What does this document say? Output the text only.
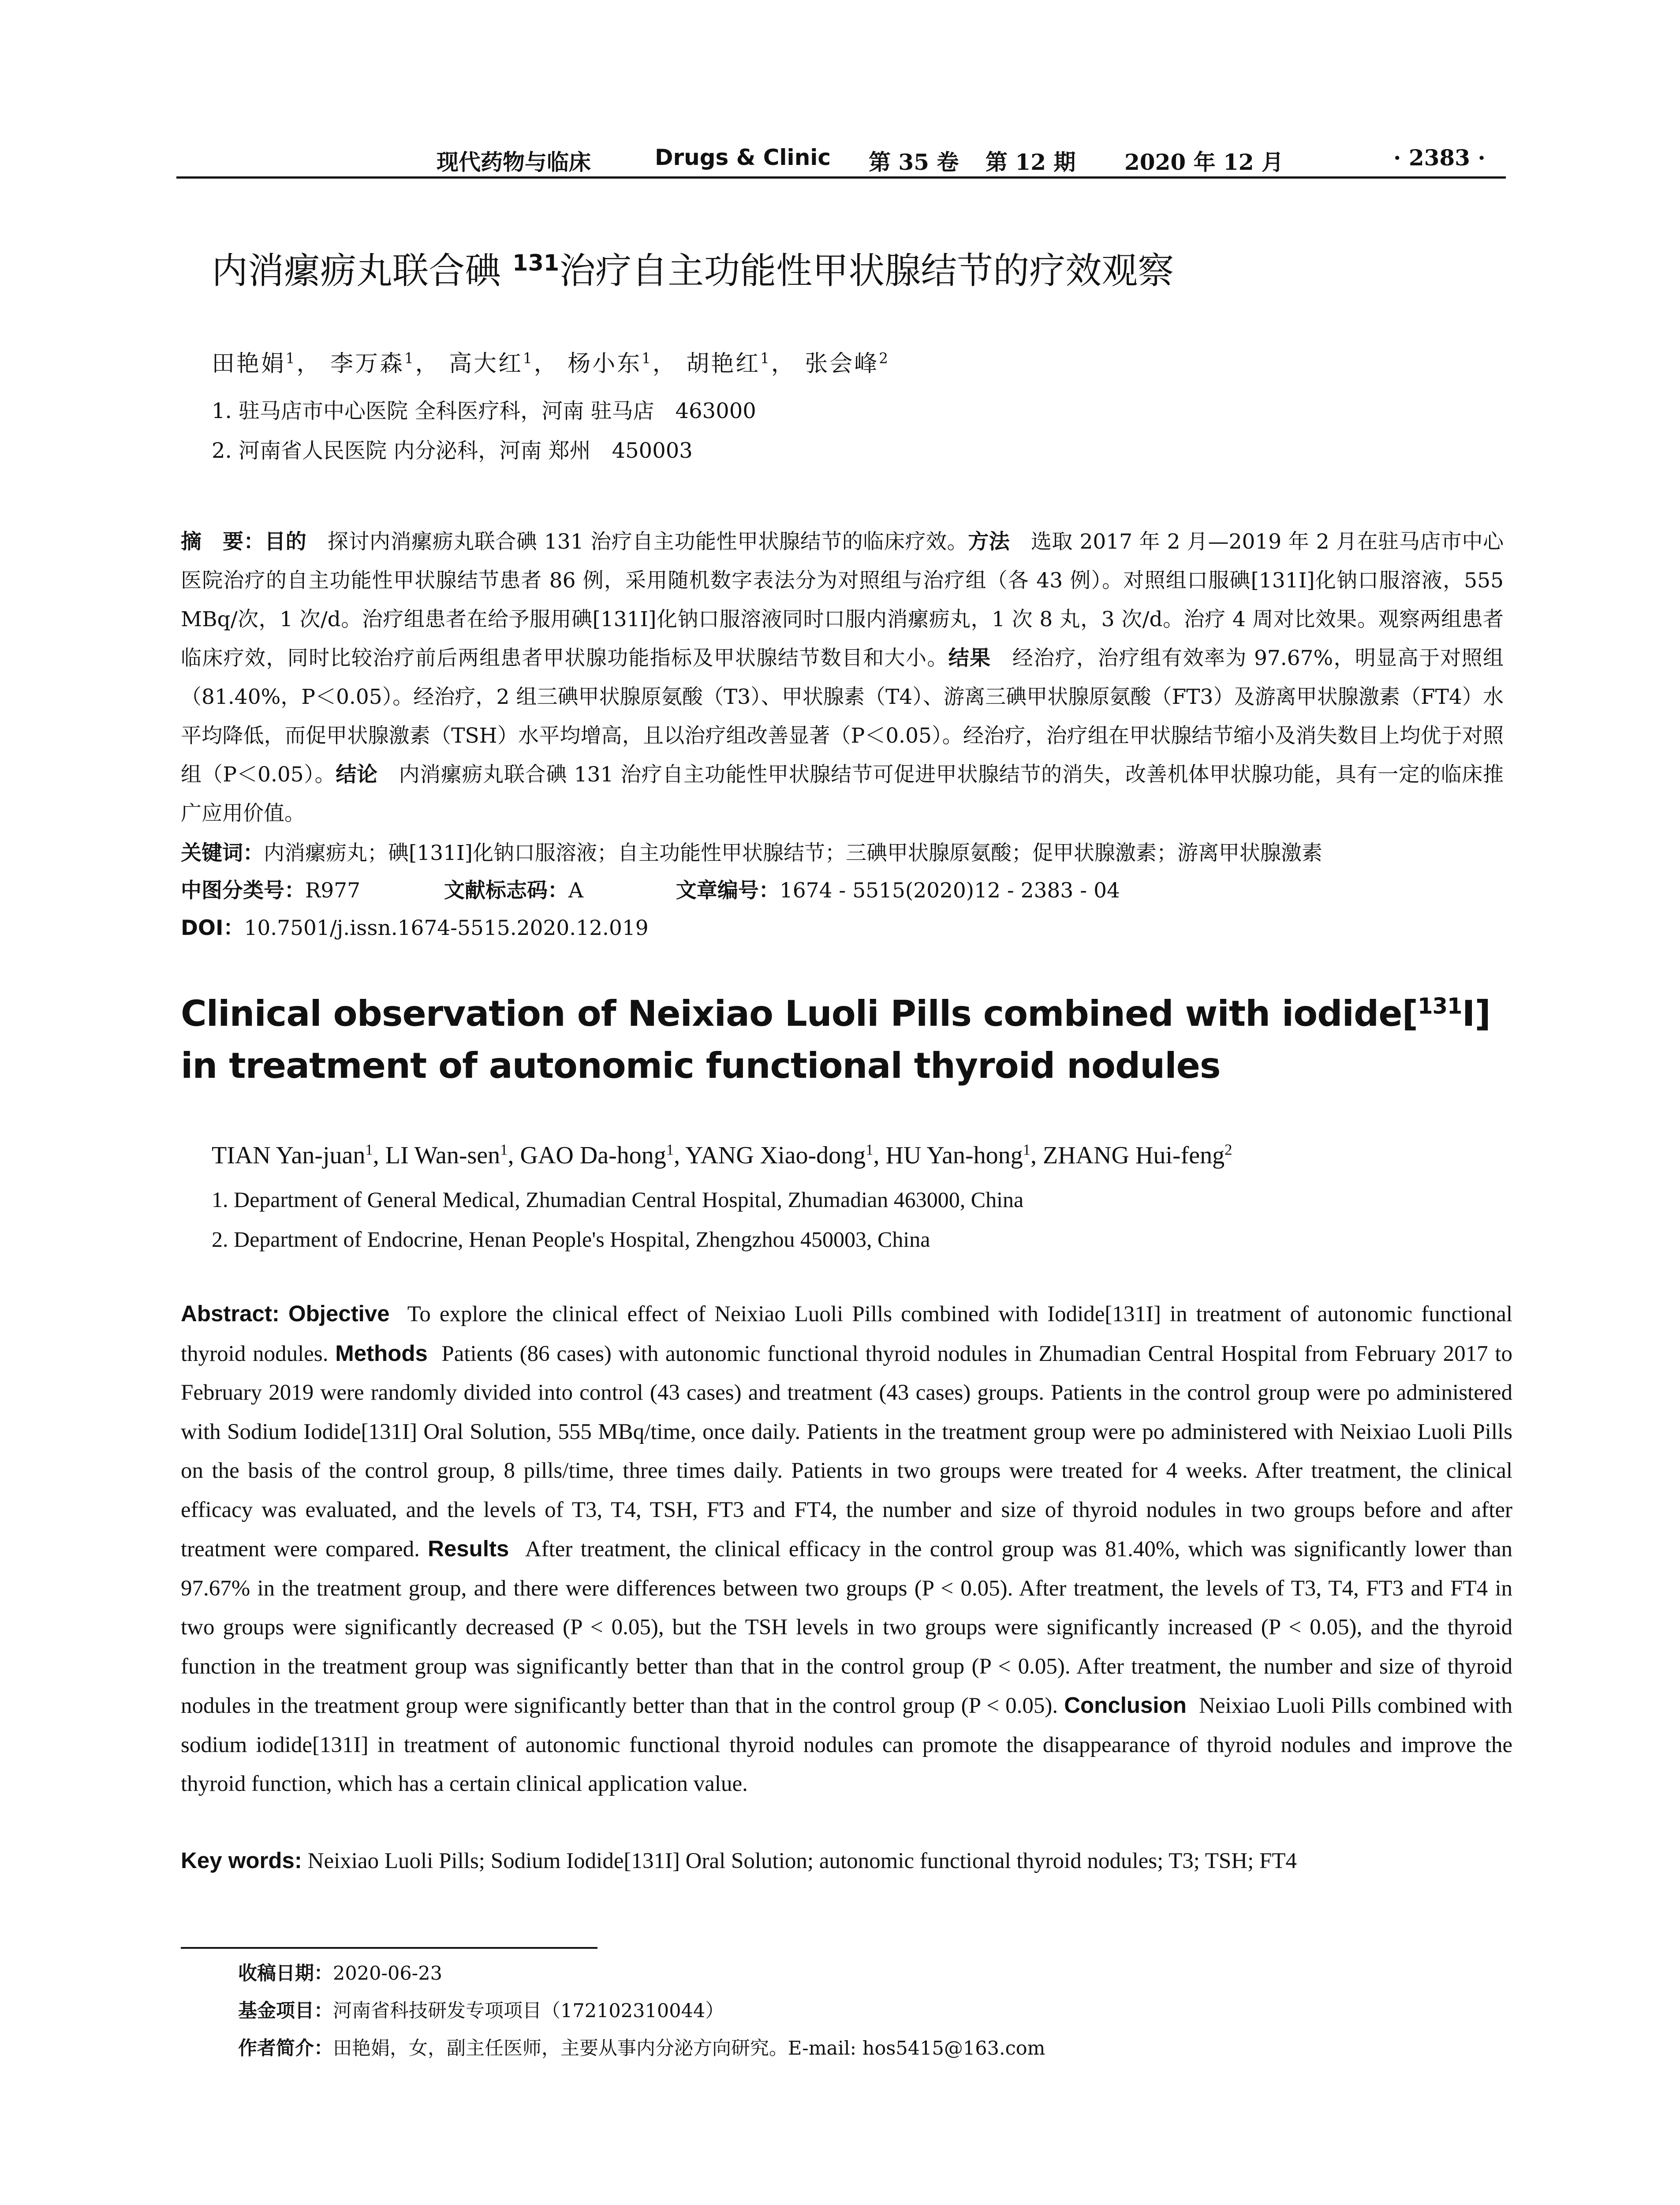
现代药物与临床	Drugs & Clinic 第 35 卷 第 12 期 2020 年 12 月	· 2383 ·
内消瘰疬丸联合碘 $^{131}$治疗自主功能性甲状腺结节的疗效观察
田艳娟$^1$， 李万森$^1$， 高大红$^1$， 杨小东$^1$， 胡艳红$^1$， 张会峰$^2$
1. 驻马店市中心医院 全科医疗科，河南 驻马店　463000
2. 河南省人民医院 内分泌科，河南 郑州　450003
摘　要：目的　探讨内消瘰疬丸联合碘 131 治疗自主功能性甲状腺结节的临床疗效。方法　选取 2017 年 2 月—2019 年 2 月在驻马店市中心医院治疗的自主功能性甲状腺结节患者 86 例，采用随机数字表法分为对照组与治疗组（各 43 例）。对照组口服碘[131I]化钠口服溶液，555 MBq/次，1 次/d。治疗组患者在给予服用碘[131I]化钠口服溶液同时口服内消瘰疬丸，1 次 8 丸，3 次/d。治疗 4 周对比效果。观察两组患者临床疗效，同时比较治疗前后两组患者甲状腺功能指标及甲状腺结节数目和大小。结果　经治疗，治疗组有效率为 97.67%，明显高于对照组（81.40%，P＜0.05）。经治疗，2 组三碘甲状腺原氨酸（T3）、甲状腺素（T4）、游离三碘甲状腺原氨酸（FT3）及游离甲状腺激素（FT4）水平均降低，而促甲状腺激素（TSH）水平均增高，且以治疗组改善显著（P＜0.05）。经治疗，治疗组在甲状腺结节缩小及消失数目上均优于对照组（P＜0.05）。结论　内消瘰疬丸联合碘 131 治疗自主功能性甲状腺结节可促进甲状腺结节的消失，改善机体甲状腺功能，具有一定的临床推广应用价值。
关键词：内消瘰疬丸；碘[131I]化钠口服溶液；自主功能性甲状腺结节；三碘甲状腺原氨酸；促甲状腺激素；游离甲状腺激素
中图分类号：R977	文献标志码：A	文章编号：1674 - 5515(2020)12 - 2383 - 04
DOI：10.7501/j.issn.1674-5515.2020.12.019
Clinical observation of Neixiao Luoli Pills combined with iodide[$^{131}$I] in treatment of autonomic functional thyroid nodules
TIAN Yan-juan$^1$, LI Wan-sen$^1$, GAO Da-hong$^1$, YANG Xiao-dong$^1$, HU Yan-hong$^1$, ZHANG Hui-feng$^2$
1. Department of General Medical, Zhumadian Central Hospital, Zhumadian 463000, China
2. Department of Endocrine, Henan People's Hospital, Zhengzhou 450003, China
Abstract: Objective To explore the clinical effect of Neixiao Luoli Pills combined with Iodide[131I] in treatment of autonomic functional thyroid nodules. Methods Patients (86 cases) with autonomic functional thyroid nodules in Zhumadian Central Hospital from February 2017 to February 2019 were randomly divided into control (43 cases) and treatment (43 cases) groups. Patients in the control group were po administered with Sodium Iodide[131I] Oral Solution, 555 MBq/time, once daily. Patients in the treatment group were po administered with Neixiao Luoli Pills on the basis of the control group, 8 pills/time, three times daily. Patients in two groups were treated for 4 weeks. After treatment, the clinical efficacy was evaluated, and the levels of T3, T4, TSH, FT3 and FT4, the number and size of thyroid nodules in two groups before and after treatment were compared. Results After treatment, the clinical efficacy in the control group was 81.40%, which was significantly lower than 97.67% in the treatment group, and there were differences between two groups (P < 0.05). After treatment, the levels of T3, T4, FT3 and FT4 in two groups were significantly decreased (P < 0.05), but the TSH levels in two groups were significantly increased (P < 0.05), and the thyroid function in the treatment group was significantly better than that in the control group (P < 0.05). After treatment, the number and size of thyroid nodules in the treatment group were significantly better than that in the control group (P < 0.05). Conclusion Neixiao Luoli Pills combined with sodium iodide[131I] in treatment of autonomic functional thyroid nodules can promote the disappearance of thyroid nodules and improve the thyroid function, which has a certain clinical application value.
Key words: Neixiao Luoli Pills; Sodium Iodide[131I] Oral Solution; autonomic functional thyroid nodules; T3; TSH; FT4
收稿日期：2020-06-23
基金项目：河南省科技研发专项项目（172102310044）
作者简介：田艳娟，女，副主任医师，主要从事内分泌方向研究。E-mail: hos5415@163.com
